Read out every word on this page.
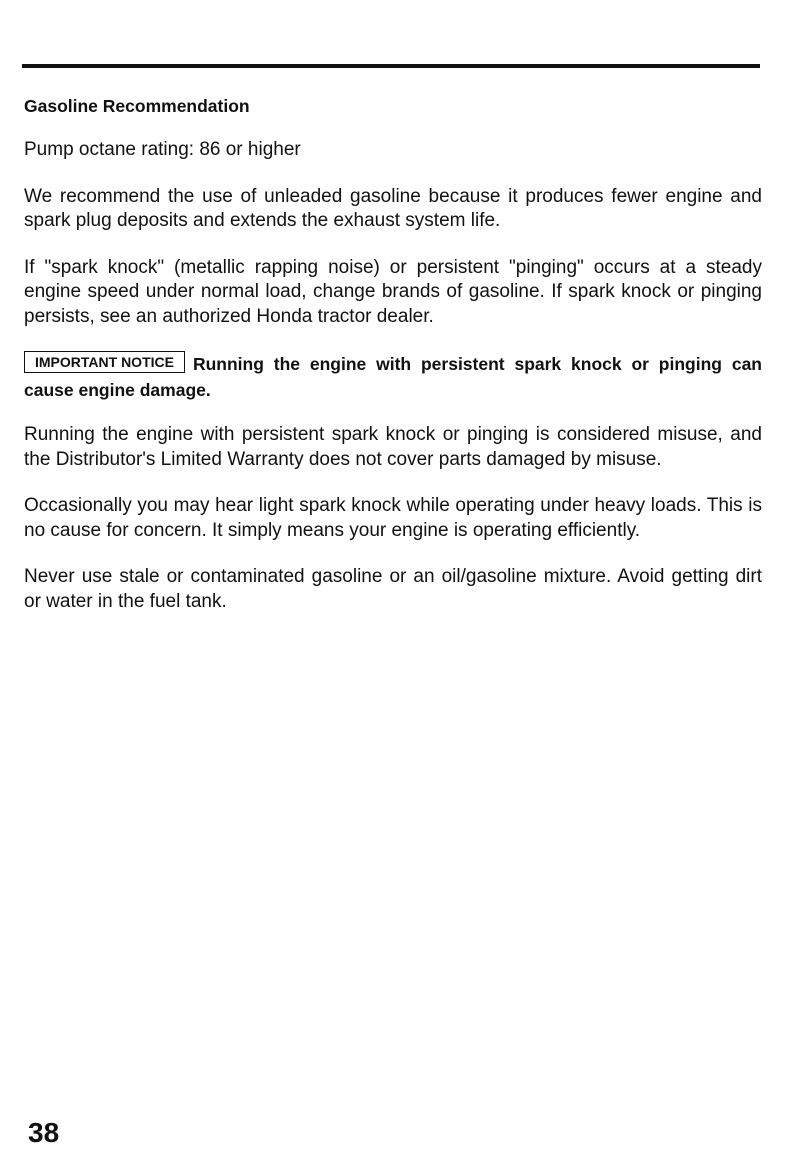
Gasoline Recommendation

Pump octane rating: 86 or higher

We recommend the use of unleaded gasoline because it produces fewer engine and spark plug deposits and extends the exhaust system life.

If "spark knock" (metallic rapping noise) or persistent "pinging" occurs at a steady engine speed under normal load, change brands of gasoline. If spark knock or pinging persists, see an authorized Honda tractor dealer.

IMPORTANT NOTICE Running the engine with persistent spark knock or pinging can cause engine damage.

Running the engine with persistent spark knock or pinging is considered misuse, and the Distributor's Limited Warranty does not cover parts damaged by misuse.

Occasionally you may hear light spark knock while operating under heavy loads. This is no cause for concern. It simply means your engine is operating efficiently.

Never use stale or contaminated gasoline or an oil/gasoline mixture. Avoid getting dirt or water in the fuel tank.

38
